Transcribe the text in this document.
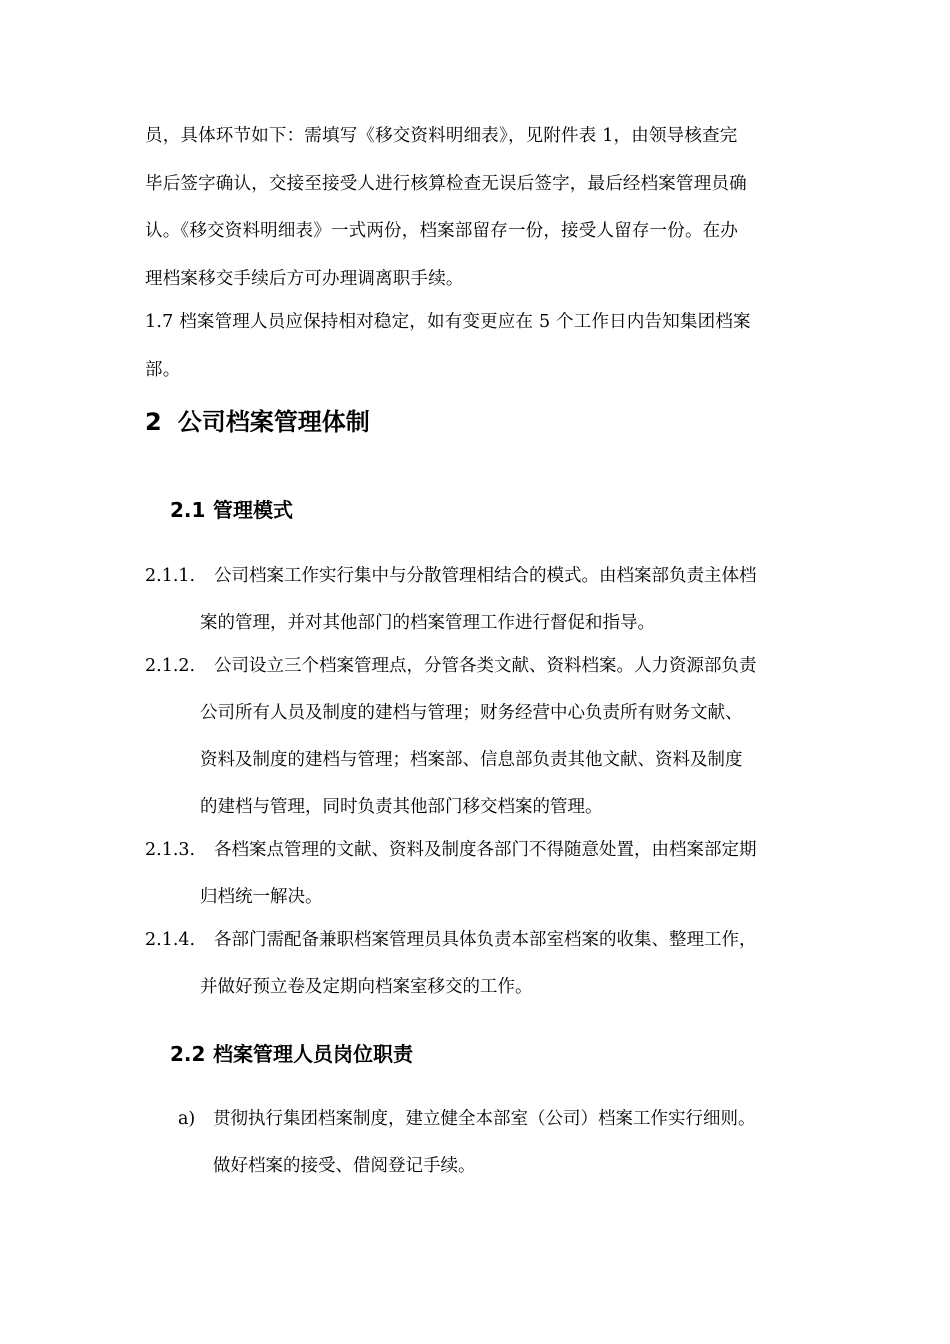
员，具体环节如下：需填写《移交资料明细表》，见附件表 1，由领导核查完
毕后签字确认，交接至接受人进行核算检查无误后签字，最后经档案管理员确
认。《移交资料明细表》一式两份，档案部留存一份，接受人留存一份。在办
理档案移交手续后方可办理调离职手续。
1.7 档案管理人员应保持相对稳定，如有变更应在 5 个工作日内告知集团档案
部。
2 公司档案管理体制
2.1 管理模式
2.1.1. 公司档案工作实行集中与分散管理相结合的模式。由档案部负责主体档
案的管理，并对其他部门的档案管理工作进行督促和指导。
2.1.2. 公司设立三个档案管理点，分管各类文献、资料档案。人力资源部负责
公司所有人员及制度的建档与管理；财务经营中心负责所有财务文献、
资料及制度的建档与管理；档案部、信息部负责其他文献、资料及制度
的建档与管理，同时负责其他部门移交档案的管理。
2.1.3. 各档案点管理的文献、资料及制度各部门不得随意处置，由档案部定期
归档统一解决。
2.1.4. 各部门需配备兼职档案管理员具体负责本部室档案的收集、整理工作，
并做好预立卷及定期向档案室移交的工作。
2.2 档案管理人员岗位职责
a) 贯彻执行集团档案制度，建立健全本部室（公司）档案工作实行细则。
做好档案的接受、借阅登记手续。
